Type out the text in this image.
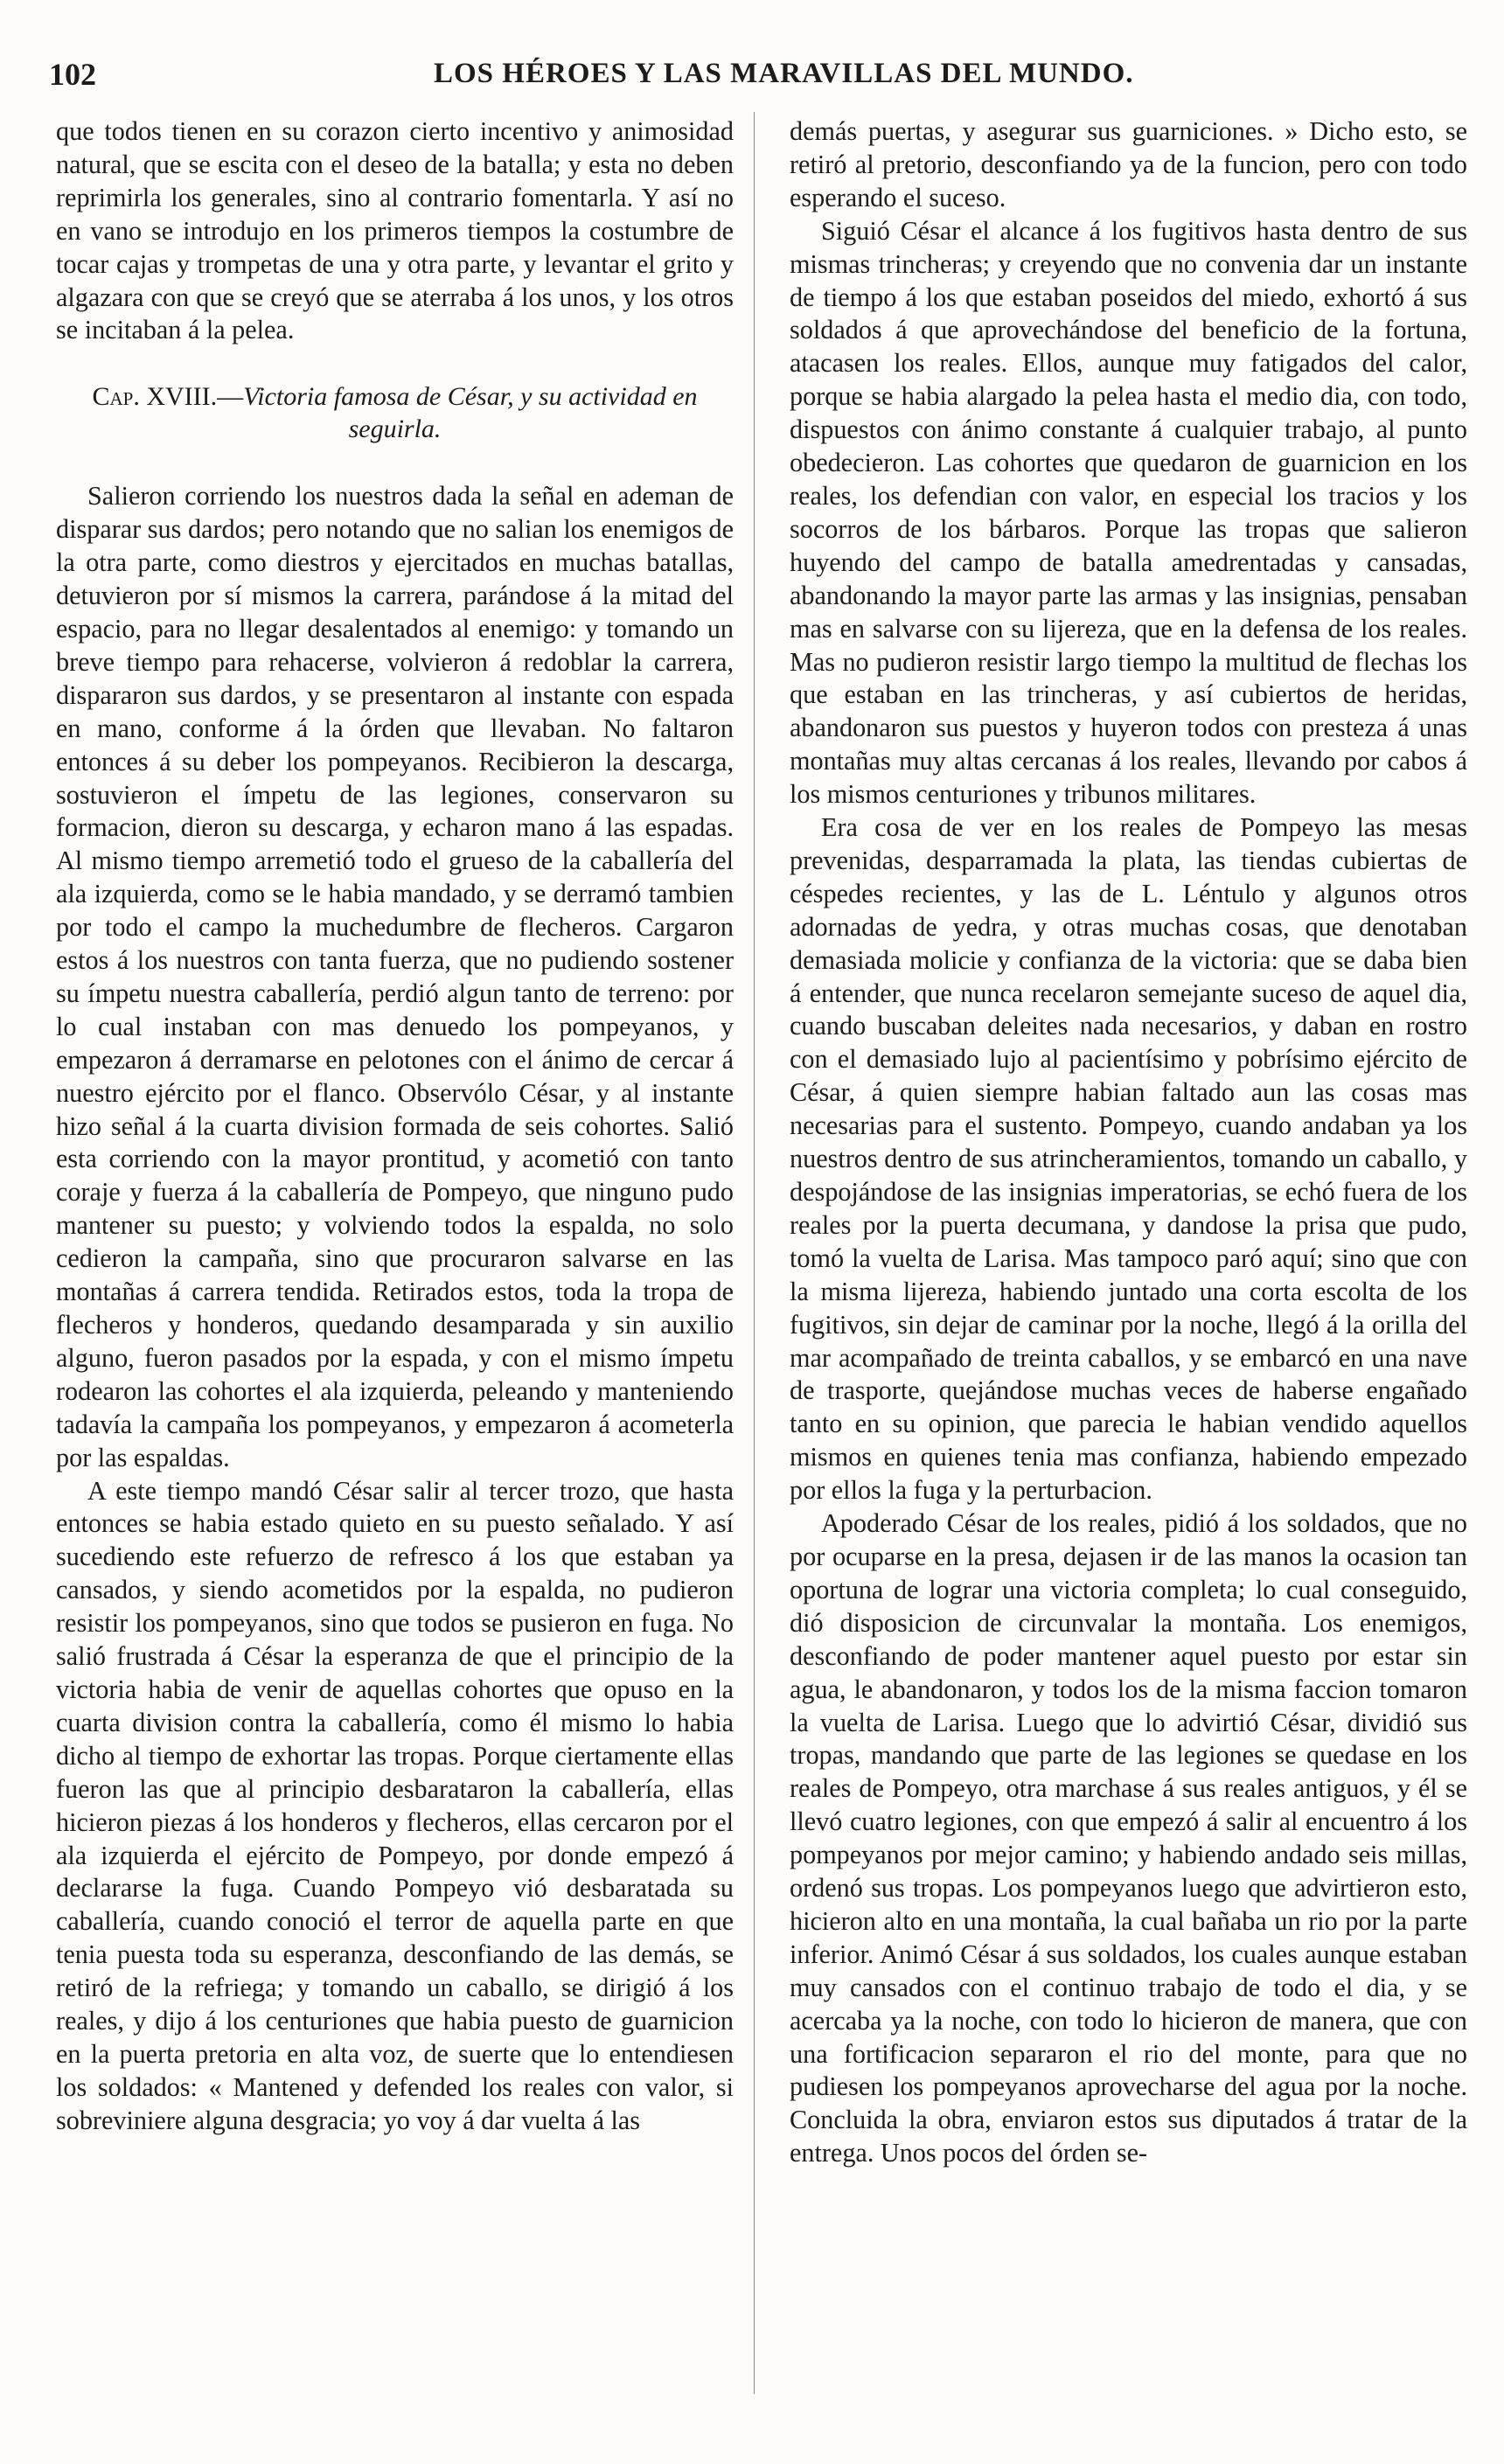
102	LOS HÉROES Y LAS MARAVILLAS DEL MUNDO.

que todos tienen en su corazon cierto incentivo y animosidad natural, que se escita con el deseo de la batalla; y esta no deben reprimirla los generales, sino al contrario fomentarla. Y así no en vano se introdujo en los primeros tiempos la costumbre de tocar cajas y trompetas de una y otra parte, y levantar el grito y algazara con que se creyó que se aterraba á los unos, y los otros se incitaban á la pelea.

Cap. XVIII.—Victoria famosa de César, y su actividad en seguirla.

Salieron corriendo los nuestros dada la señal en ademan de disparar sus dardos; pero notando que no salian los enemigos de la otra parte, como diestros y ejercitados en muchas batallas, detuvieron por sí mismos la carrera, parándose á la mitad del espacio, para no llegar desalentados al enemigo: y tomando un breve tiempo para rehacerse, volvieron á redoblar la carrera, dispararon sus dardos, y se presentaron al instante con espada en mano, conforme á la órden que llevaban. No faltaron entonces á su deber los pompeyanos. Recibieron la descarga, sostuvieron el ímpetu de las legiones, conservaron su formacion, dieron su descarga, y echaron mano á las espadas. Al mismo tiempo arremetió todo el grueso de la caballería del ala izquierda, como se le habia mandado, y se derramó tambien por todo el campo la muchedumbre de flecheros. Cargaron estos á los nuestros con tanta fuerza, que no pudiendo sostener su ímpetu nuestra caballería, perdió algun tanto de terreno: por lo cual instaban con mas denuedo los pompeyanos, y empezaron á derramarse en pelotones con el ánimo de cercar á nuestro ejército por el flanco. Observólo César, y al instante hizo señal á la cuarta division formada de seis cohortes. Salió esta corriendo con la mayor prontitud, y acometió con tanto coraje y fuerza á la caballería de Pompeyo, que ninguno pudo mantener su puesto; y volviendo todos la espalda, no solo cedieron la campaña, sino que procuraron salvarse en las montañas á carrera tendida. Retirados estos, toda la tropa de flecheros y honderos, quedando desamparada y sin auxilio alguno, fueron pasados por la espada, y con el mismo ímpetu rodearon las cohortes el ala izquierda, peleando y manteniendo tadavía la campaña los pompeyanos, y empezaron á acometerla por las espaldas.

A este tiempo mandó César salir al tercer trozo, que hasta entonces se habia estado quieto en su puesto señalado. Y así sucediendo este refuerzo de refresco á los que estaban ya cansados, y siendo acometidos por la espalda, no pudieron resistir los pompeyanos, sino que todos se pusieron en fuga. No salió frustrada á César la esperanza de que el principio de la victoria habia de venir de aquellas cohortes que opuso en la cuarta division contra la caballería, como él mismo lo habia dicho al tiempo de exhortar las tropas. Porque ciertamente ellas fueron las que al principio desbarataron la caballería, ellas hicieron piezas á los honderos y flecheros, ellas cercaron por el ala izquierda el ejército de Pompeyo, por donde empezó á declararse la fuga. Cuando Pompeyo vió desbaratada su caballería, cuando conoció el terror de aquella parte en que tenia puesta toda su esperanza, desconfiando de las demás, se retiró de la refriega; y tomando un caballo, se dirigió á los reales, y dijo á los centuriones que habia puesto de guarnicion en la puerta pretoria en alta voz, de suerte que lo entendiesen los soldados: « Mantened y defended los reales con valor, si sobreviniere alguna desgracia; yo voy á dar vuelta á las

demás puertas, y asegurar sus guarniciones. » Dicho esto, se retiró al pretorio, desconfiando ya de la funcion, pero con todo esperando el suceso.

Siguió César el alcance á los fugitivos hasta dentro de sus mismas trincheras; y creyendo que no convenia dar un instante de tiempo á los que estaban poseidos del miedo, exhortó á sus soldados á que aprovechándose del beneficio de la fortuna, atacasen los reales. Ellos, aunque muy fatigados del calor, porque se habia alargado la pelea hasta el medio dia, con todo, dispuestos con ánimo constante á cualquier trabajo, al punto obedecieron. Las cohortes que quedaron de guarnicion en los reales, los defendian con valor, en especial los tracios y los socorros de los bárbaros. Porque las tropas que salieron huyendo del campo de batalla amedrentadas y cansadas, abandonando la mayor parte las armas y las insignias, pensaban mas en salvarse con su lijereza, que en la defensa de los reales. Mas no pudieron resistir largo tiempo la multitud de flechas los que estaban en las trincheras, y así cubiertos de heridas, abandonaron sus puestos y huyeron todos con presteza á unas montañas muy altas cercanas á los reales, llevando por cabos á los mismos centuriones y tribunos militares.

Era cosa de ver en los reales de Pompeyo las mesas prevenidas, desparramada la plata, las tiendas cubiertas de céspedes recientes, y las de L. Léntulo y algunos otros adornadas de yedra, y otras muchas cosas, que denotaban demasiada molicie y confianza de la victoria: que se daba bien á entender, que nunca recelaron semejante suceso de aquel dia, cuando buscaban deleites nada necesarios, y daban en rostro con el demasiado lujo al pacientísimo y pobrísimo ejército de César, á quien siempre habian faltado aun las cosas mas necesarias para el sustento. Pompeyo, cuando andaban ya los nuestros dentro de sus atrincheramientos, tomando un caballo, y despojándose de las insignias imperatorias, se echó fuera de los reales por la puerta decumana, y dandose la prisa que pudo, tomó la vuelta de Larisa. Mas tampoco paró aquí; sino que con la misma lijereza, habiendo juntado una corta escolta de los fugitivos, sin dejar de caminar por la noche, llegó á la orilla del mar acompañado de treinta caballos, y se embarcó en una nave de trasporte, quejándose muchas veces de haberse engañado tanto en su opinion, que parecia le habian vendido aquellos mismos en quienes tenia mas confianza, habiendo empezado por ellos la fuga y la perturbacion.

Apoderado César de los reales, pidió á los soldados, que no por ocuparse en la presa, dejasen ir de las manos la ocasion tan oportuna de lograr una victoria completa; lo cual conseguido, dió disposicion de circunvalar la montaña. Los enemigos, desconfiando de poder mantener aquel puesto por estar sin agua, le abandonaron, y todos los de la misma faccion tomaron la vuelta de Larisa. Luego que lo advirtió César, dividió sus tropas, mandando que parte de las legiones se quedase en los reales de Pompeyo, otra marchase á sus reales antiguos, y él se llevó cuatro legiones, con que empezó á salir al encuentro á los pompeyanos por mejor camino; y habiendo andado seis millas, ordenó sus tropas. Los pompeyanos luego que advirtieron esto, hicieron alto en una montaña, la cual bañaba un rio por la parte inferior. Animó César á sus soldados, los cuales aunque estaban muy cansados con el continuo trabajo de todo el dia, y se acercaba ya la noche, con todo lo hicieron de manera, que con una fortificacion separaron el rio del monte, para que no pudiesen los pompeyanos aprovecharse del agua por la noche. Concluida la obra, enviaron estos sus diputados á tratar de la entrega. Unos pocos del órden se-
